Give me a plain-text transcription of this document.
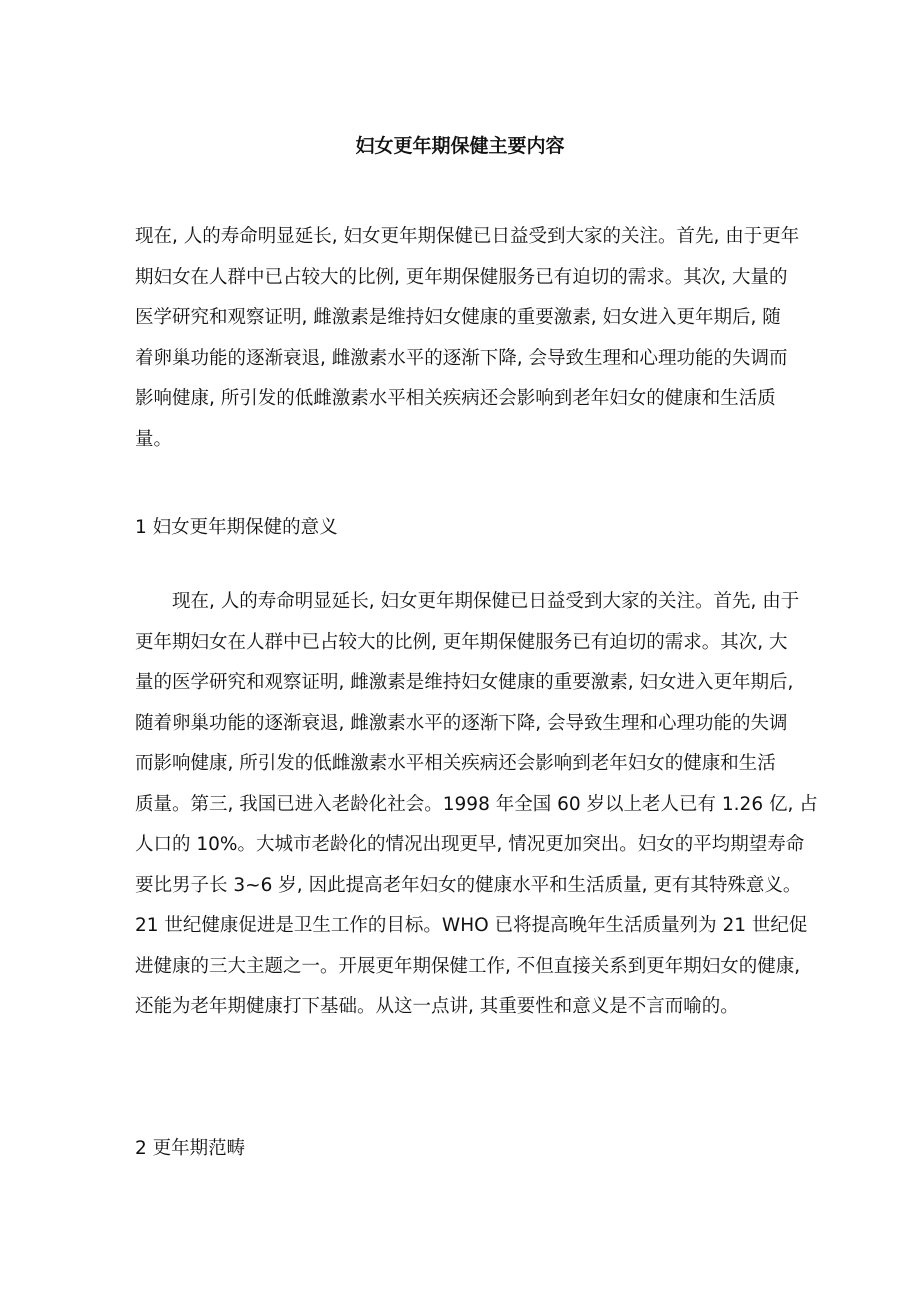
妇女更年期保健主要内容
现在, 人的寿命明显延长, 妇女更年期保健已日益受到大家的关注。首先, 由于更年
期妇女在人群中已占较大的比例, 更年期保健服务已有迫切的需求。其次, 大量的
医学研究和观察证明, 雌激素是维持妇女健康的重要激素, 妇女进入更年期后, 随
着卵巢功能的逐渐衰退, 雌激素水平的逐渐下降, 会导致生理和心理功能的失调而
影响健康, 所引发的低雌激素水平相关疾病还会影响到老年妇女的健康和生活质
量。
1 妇女更年期保健的意义
　　现在, 人的寿命明显延长, 妇女更年期保健已日益受到大家的关注。首先, 由于
更年期妇女在人群中已占较大的比例, 更年期保健服务已有迫切的需求。其次, 大
量的医学研究和观察证明, 雌激素是维持妇女健康的重要激素, 妇女进入更年期后,
随着卵巢功能的逐渐衰退, 雌激素水平的逐渐下降, 会导致生理和心理功能的失调
而影响健康, 所引发的低雌激素水平相关疾病还会影响到老年妇女的健康和生活
质量。第三, 我国已进入老龄化社会。1998 年全国 60 岁以上老人已有 1.26 亿, 占
人口的 10%。大城市老龄化的情况出现更早, 情况更加突出。妇女的平均期望寿命
要比男子长 3~6 岁, 因此提高老年妇女的健康水平和生活质量, 更有其特殊意义。
21 世纪健康促进是卫生工作的目标。WHO 已将提高晚年生活质量列为 21 世纪促
进健康的三大主题之一。开展更年期保健工作, 不但直接关系到更年期妇女的健康,
还能为老年期健康打下基础。从这一点讲, 其重要性和意义是不言而喻的。
2 更年期范畴
